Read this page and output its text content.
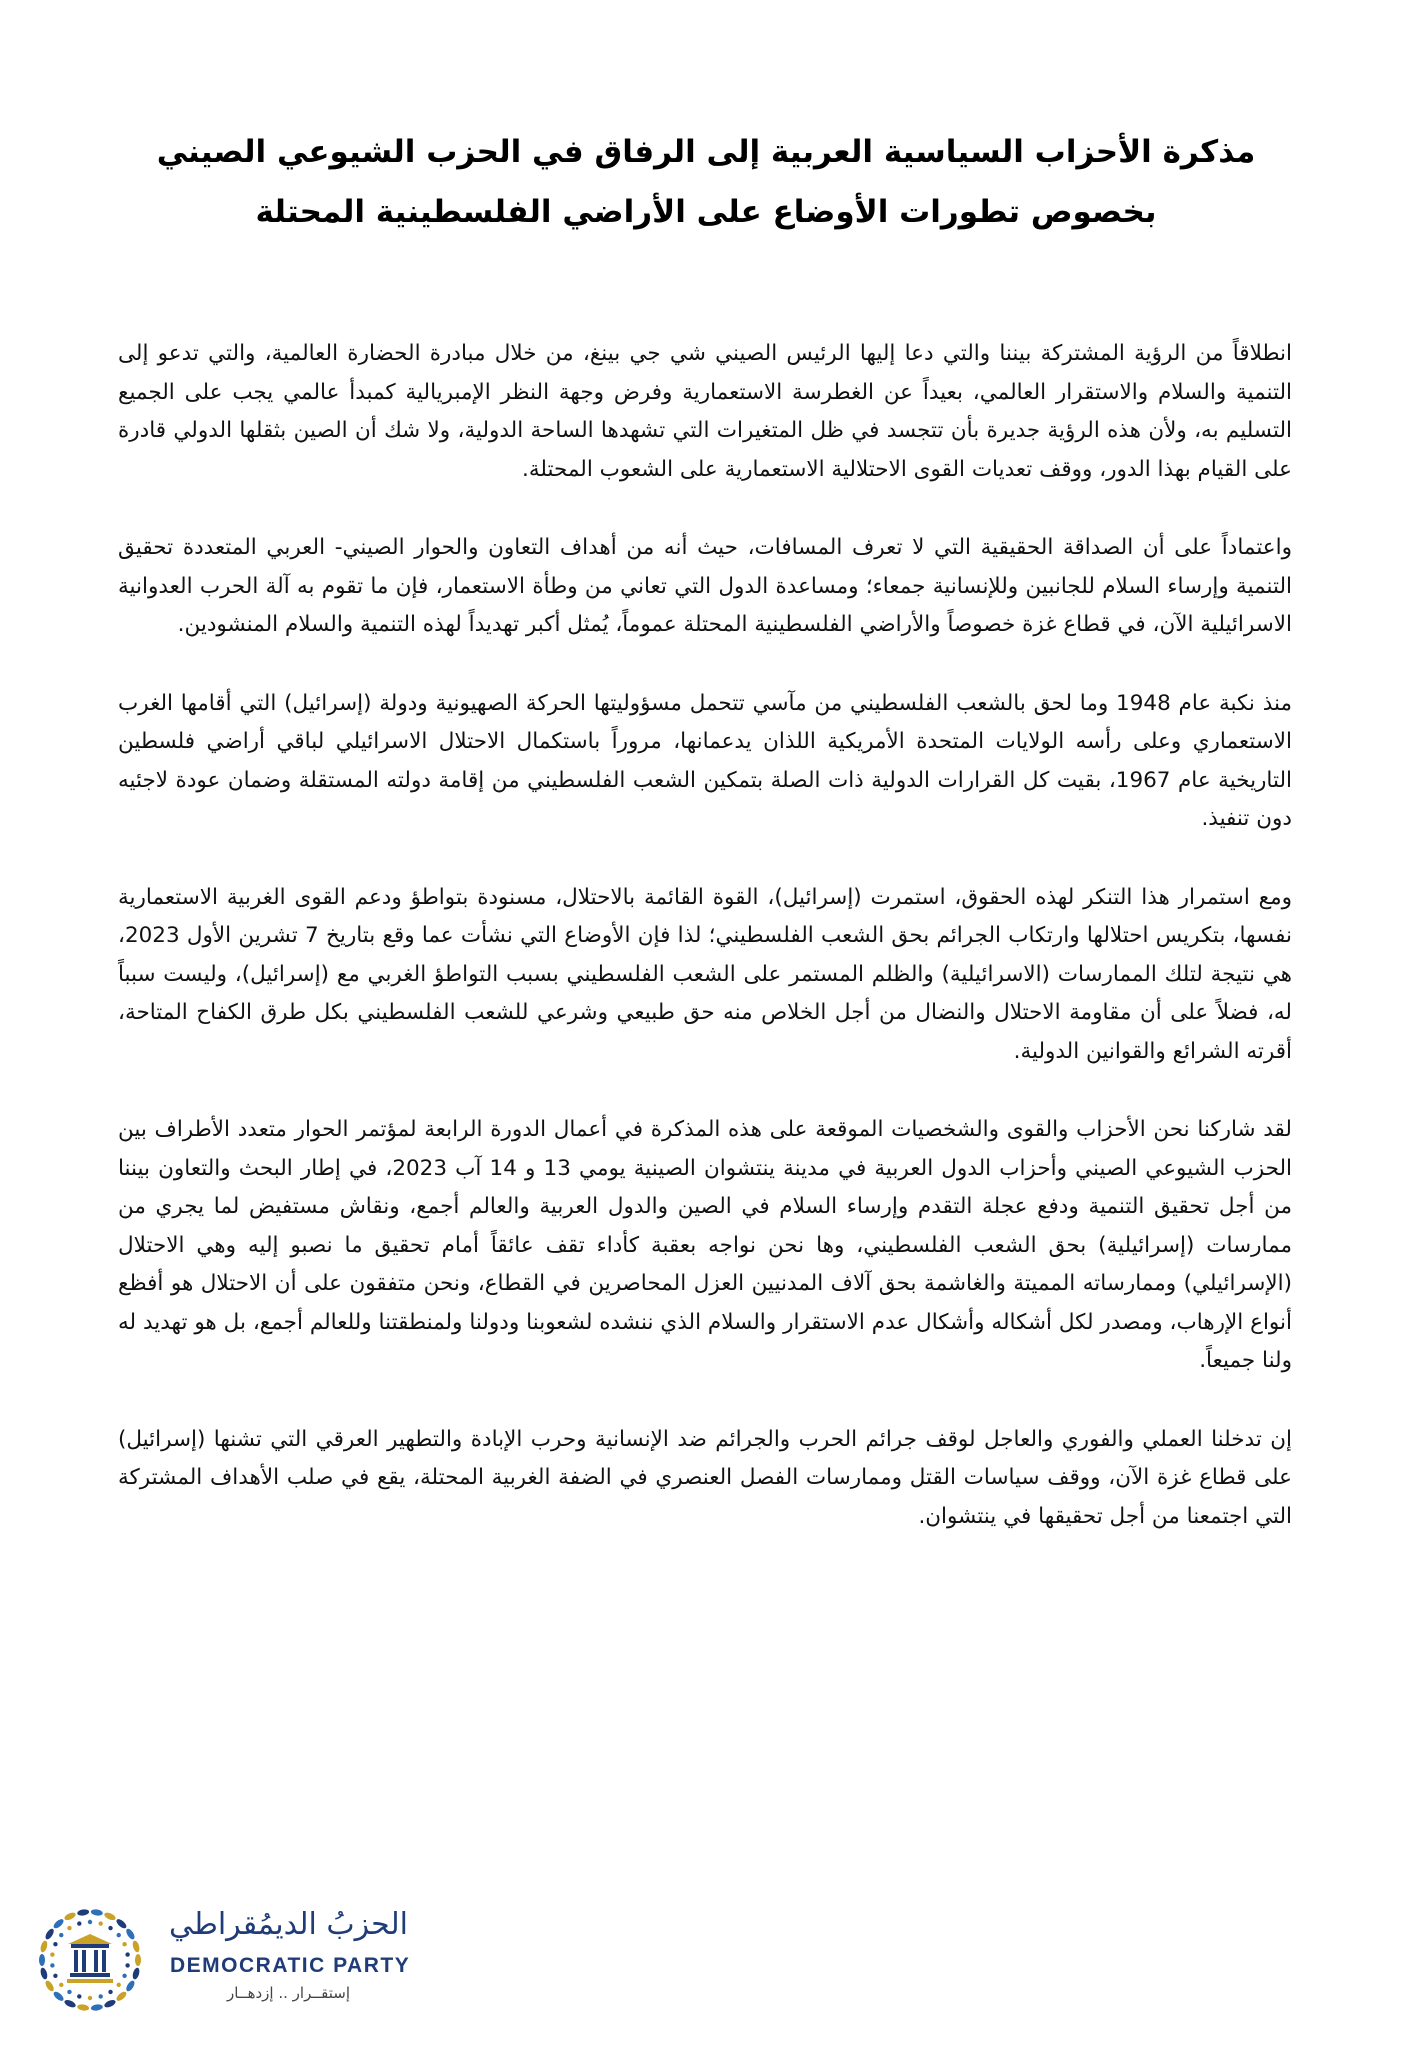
مذكرة الأحزاب السياسية العربية إلى الرفاق في الحزب الشيوعي الصيني
بخصوص تطورات الأوضاع على الأراضي الفلسطينية المحتلة

انطلاقاً من الرؤية المشتركة بيننا والتي دعا إليها الرئيس الصيني شي جي بينغ، من خلال مبادرة الحضارة العالمية، والتي تدعو إلى التنمية والسلام والاستقرار العالمي، بعيداً عن الغطرسة الاستعمارية وفرض وجهة النظر الإمبريالية كمبدأ عالمي يجب على الجميع التسليم به، ولأن هذه الرؤية جديرة بأن تتجسد في ظل المتغيرات التي تشهدها الساحة الدولية، ولا شك أن الصين بثقلها الدولي قادرة على القيام بهذا الدور، ووقف تعديات القوى الاحتلالية الاستعمارية على الشعوب المحتلة.

واعتماداً على أن الصداقة الحقيقية التي لا تعرف المسافات، حيث أنه من أهداف التعاون والحوار الصيني- العربي المتعددة تحقيق التنمية وإرساء السلام للجانبين وللإنسانية جمعاء؛ ومساعدة الدول التي تعاني من وطأة الاستعمار، فإن ما تقوم به آلة الحرب العدوانية الاسرائيلية الآن، في قطاع غزة خصوصاً والأراضي الفلسطينية المحتلة عموماً، يُمثل أكبر تهديداً لهذه التنمية والسلام المنشودين.

منذ نكبة عام 1948 وما لحق بالشعب الفلسطيني من مآسي تتحمل مسؤوليتها الحركة الصهيونية ودولة (إسرائيل) التي أقامها الغرب الاستعماري وعلى رأسه الولايات المتحدة الأمريكية اللذان يدعمانها، مروراً باستكمال الاحتلال الاسرائيلي لباقي أراضي فلسطين التاريخية عام 1967، بقيت كل القرارات الدولية ذات الصلة بتمكين الشعب الفلسطيني من إقامة دولته المستقلة وضمان عودة لاجئيه دون تنفيذ.

ومع استمرار هذا التنكر لهذه الحقوق، استمرت (إسرائيل)، القوة القائمة بالاحتلال، مسنودة بتواطؤ ودعم القوى الغربية الاستعمارية نفسها، بتكريس احتلالها وارتكاب الجرائم بحق الشعب الفلسطيني؛ لذا فإن الأوضاع التي نشأت عما وقع بتاريخ 7 تشرين الأول 2023، هي نتيجة لتلك الممارسات (الاسرائيلية) والظلم المستمر على الشعب الفلسطيني بسبب التواطؤ الغربي مع (إسرائيل)، وليست سبباً له، فضلاً على أن مقاومة الاحتلال والنضال من أجل الخلاص منه حق طبيعي وشرعي للشعب الفلسطيني بكل طرق الكفاح المتاحة، أقرته الشرائع والقوانين الدولية.

لقد شاركنا نحن الأحزاب والقوى والشخصيات الموقعة على هذه المذكرة في أعمال الدورة الرابعة لمؤتمر الحوار متعدد الأطراف بين الحزب الشيوعي الصيني وأحزاب الدول العربية في مدينة ينتشوان الصينية يومي 13 و 14 آب 2023، في إطار البحث والتعاون بيننا من أجل تحقيق التنمية ودفع عجلة التقدم وإرساء السلام في الصين والدول العربية والعالم أجمع، ونقاش مستفيض لما يجري من ممارسات (إسرائيلية) بحق الشعب الفلسطيني، وها نحن نواجه بعقبة كأداء تقف عائقاً أمام تحقيق ما نصبو إليه وهي الاحتلال (الإسرائيلي) وممارساته المميتة والغاشمة بحق آلاف المدنيين العزل المحاصرين في القطاع، ونحن متفقون على أن الاحتلال هو أفظع أنواع الإرهاب، ومصدر لكل أشكاله وأشكال عدم الاستقرار والسلام الذي ننشده لشعوبنا ودولنا ولمنطقتنا وللعالم أجمع، بل هو تهديد له ولنا جميعاً.

إن تدخلنا العملي والفوري والعاجل لوقف جرائم الحرب والجرائم ضد الإنسانية وحرب الإبادة والتطهير العرقي التي تشنها (إسرائيل) على قطاع غزة الآن، ووقف سياسات القتل وممارسات الفصل العنصري في الضفة الغربية المحتلة، يقع في صلب الأهداف المشتركة التي اجتمعنا من أجل تحقيقها في ينتشوان.

الحزبُ الديمُقراطي
DEMOCRATIC PARTY
إستقــرار .. إزدهــار
